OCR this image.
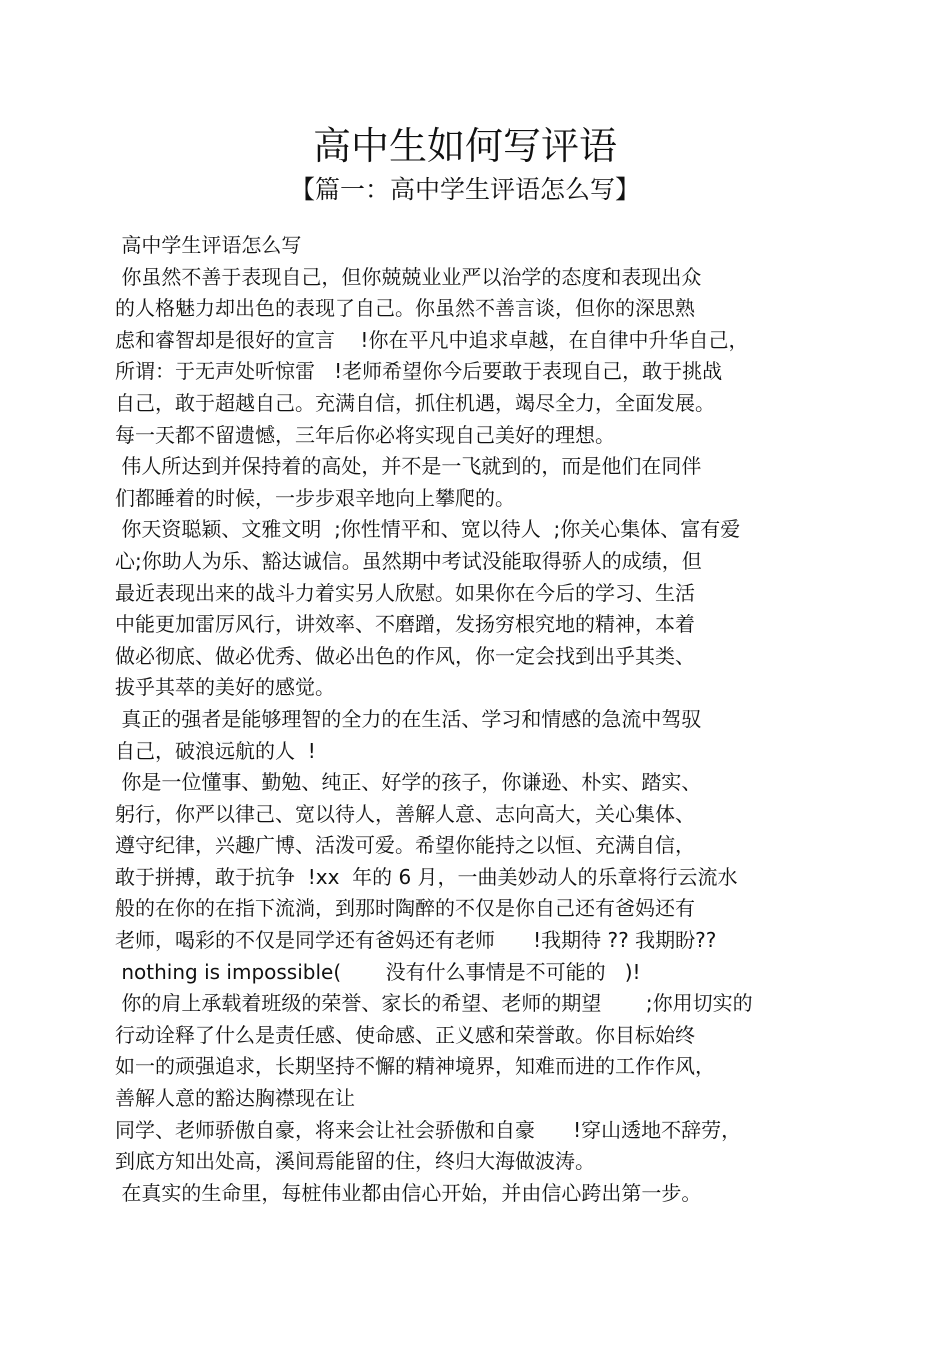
高中生如何写评语
【篇一：高中学生评语怎么写】
高中学生评语怎么写
你虽然不善于表现自己，但你兢兢业业严以治学的态度和表现出众
的人格魅力却出色的表现了自己。你虽然不善言谈，但你的深思熟
虑和睿智却是很好的宣言    !你在平凡中追求卓越，在自律中升华自己，
所谓：于无声处听惊雷   !老师希望你今后要敢于表现自己，敢于挑战
自己，敢于超越自己。充满自信，抓住机遇，竭尽全力，全面发展。
每一天都不留遗憾，三年后你必将实现自己美好的理想。
伟人所达到并保持着的高处，并不是一飞就到的，而是他们在同伴
们都睡着的时候，一步步艰辛地向上攀爬的。
你天资聪颖、文雅文明  ;你性情平和、宽以待人  ;你关心集体、富有爱
心;你助人为乐、豁达诚信。虽然期中考试没能取得骄人的成绩，但
最近表现出来的战斗力着实另人欣慰。如果你在今后的学习、生活
中能更加雷厉风行，讲效率、不磨蹭，发扬穷根究地的精神，本着
做必彻底、做必优秀、做必出色的作风，你一定会找到出乎其类、
拔乎其萃的美好的感觉。
真正的强者是能够理智的全力的在生活、学习和情感的急流中驾驭
自己，破浪远航的人  !
你是一位懂事、勤勉、纯正、好学的孩子，你谦逊、朴实、踏实、
躬行，你严以律己、宽以待人，善解人意、志向高大，关心集体、
遵守纪律，兴趣广博、活泼可爱。希望你能持之以恒、充满自信，
敢于拼搏，敢于抗争  !xx  年的 6 月，一曲美妙动人的乐章将行云流水
般的在你的在指下流淌，到那时陶醉的不仅是你自己还有爸妈还有
老师，喝彩的不仅是同学还有爸妈还有老师      !我期待 ?? 我期盼??
nothing is impossible(       没有什么事情是不可能的   )!
你的肩上承载着班级的荣誉、家长的希望、老师的期望       ;你用切实的
行动诠释了什么是责任感、使命感、正义感和荣誉敢。你目标始终
如一的顽强追求，长期坚持不懈的精神境界，知难而进的工作作风，
善解人意的豁达胸襟现在让
同学、老师骄傲自豪，将来会让社会骄傲和自豪      !穿山透地不辞劳，
到底方知出处高，溪间焉能留的住，终归大海做波涛。
在真实的生命里，每桩伟业都由信心开始，并由信心跨出第一步。
